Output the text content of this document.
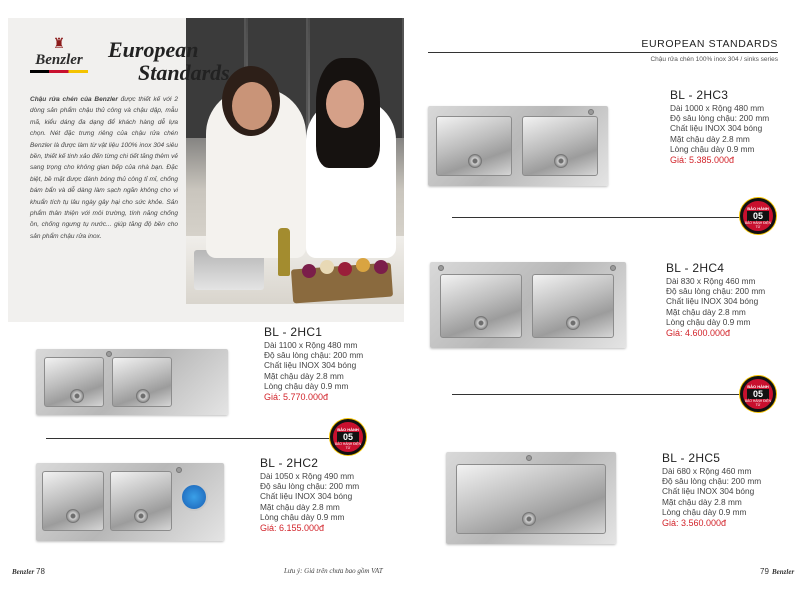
♜
Benzler European
Standards
Chậu rửa chén của Benzler được thiết kế với 2 dòng sản phẩm chậu thủ công và chậu dập, mẫu mã, kiểu dáng đa dạng để khách hàng dễ lựa chọn. Nét đặc trưng riêng của chậu rửa chén Benzler là được làm từ vật liệu 100% inox 304 siêu bền, thiết kế tinh xảo đến từng chi tiết tăng thêm vẻ sang trọng cho không gian bếp của nhà bạn. Đặc biệt, bề mặt được đánh bóng thủ công tỉ mỉ, chống bám bẩn và dễ dàng làm sạch ngăn không cho vi khuẩn tích tụ lâu ngày gây hại cho sức khỏe. Sản phẩm thân thiện với môi trường, tính năng chống ồn, chống ngưng tụ nước... giúp tăng độ bền cho sản phẩm chậu rửa inox.
BL - 2HC1
Dài 1100 x Rộng 480 mm
Độ sâu lòng chậu: 200 mm
Chất liệu INOX 304 bóng
Mặt chậu dày 2.8 mm
Lòng chậu dày 0.9 mm
Giá: 5.770.000đ
BẢO HÀNH
05
BẢO HÀNH ĐIỆN TỬ
BL - 2HC2
Dài 1050 x Rộng 490 mm
Độ sâu lòng chậu: 200 mm
Chất liệu INOX 304 bóng
Mặt chậu dày 2.8 mm
Lòng chậu dày 0.9 mm
Giá: 6.155.000đ
EUROPEAN STANDARDS
Chậu rửa chén 100% inox 304 / sinks series
BL - 2HC3
Dài 1000 x Rộng 480 mm
Độ sâu lòng chậu: 200 mm
Chất liệu INOX 304 bóng
Mặt chậu dày 2.8 mm
Lòng chậu dày 0.9 mm
Giá: 5.385.000đ
BẢO HÀNH
05
BẢO HÀNH ĐIỆN TỬ
BL - 2HC4
Dài 830 x Rộng 460 mm
Độ sâu lòng chậu: 200 mm
Chất liệu INOX 304 bóng
Mặt chậu dày 2.8 mm
Lòng chậu dày 0.9 mm
Giá: 4.600.000đ
BẢO HÀNH
05
BẢO HÀNH ĐIỆN TỬ
BL - 2HC5
Dài 680 x Rộng 460 mm
Độ sâu lòng chậu: 200 mm
Chất liệu INOX 304 bóng
Mặt chậu dày 2.8 mm
Lòng chậu dày 0.9 mm
Giá: 3.560.000đ
Benzler 78	Lưu ý: Giá trên chưa bao gồm VAT	79 Benzler
